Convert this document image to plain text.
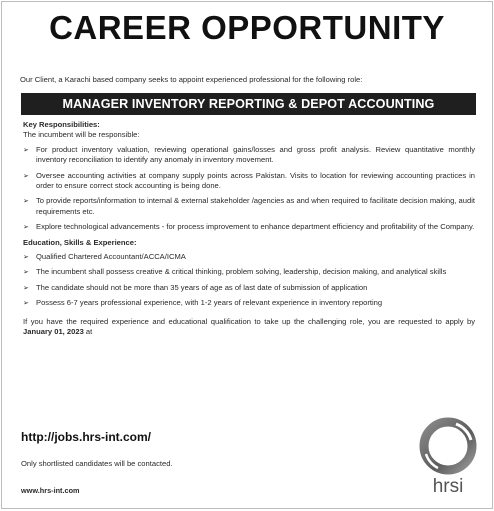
CAREER OPPORTUNITY
Our Client, a Karachi based company seeks to appoint experienced professional for the following role:
MANAGER INVENTORY REPORTING & DEPOT ACCOUNTING

Key Responsibilities:

The incumbent will be responsible:

➢ For product inventory valuation, reviewing operational gains/losses and gross profit analysis. Review quantitative monthly inventory reconciliation to identify any anomaly in inventory movement.
➢ Oversee accounting activities at company supply points across Pakistan. Visits to location for reviewing accounting practices in order to ensure correct stock accounting is being done.
➢ To provide reports/information to internal & external stakeholder /agencies as and when required to facilitate decision making, audit requirements etc.
➢ Explore technological advancements - for process improvement to enhance department efficiency and profitability of the Company.

Education, Skills & Experience:

➢ Qualified Chartered Accountant/ACCA/ICMA
➢ The incumbent shall possess creative & critical thinking, problem solving, leadership, decision making, and analytical skills
➢ The candidate should not be more than 35 years of age as of last date of submission of application
➢ Possess 6-7 years professional experience, with 1-2 years of relevant experience in inventory reporting
If you have the required experience and educational qualification to take up the challenging role, you are requested to apply by January 01, 2023 at
http://jobs.hrs-int.com/
Only shortlisted candidates will be contacted.
www.hrs-int.com	hrsi
